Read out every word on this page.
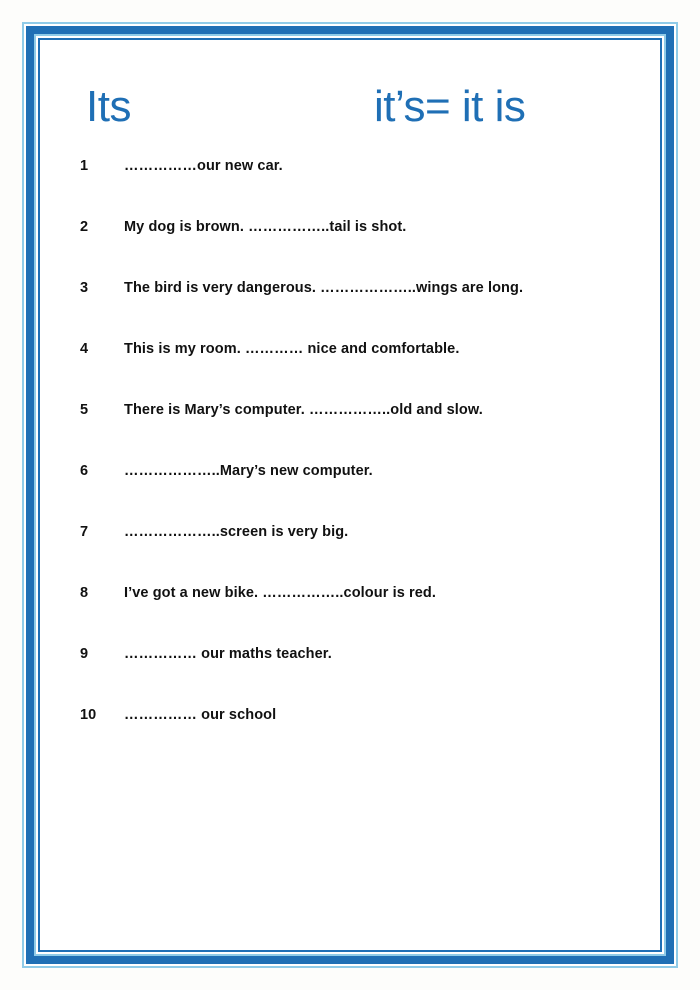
Its	it’s= it is
1	……………our new car.
2	My dog is brown. ……………..tail is shot.
3	The bird is very dangerous. ………………..wings are long.
4	This is my room. ………… nice and comfortable.
5	There is Mary’s computer. ……………..old and slow.
6	………………..Mary’s new computer.
7	………………..screen is very big.
8	I’ve got a new bike. ……………..colour is red.
9	…………… our maths teacher.
10	…………… our school
